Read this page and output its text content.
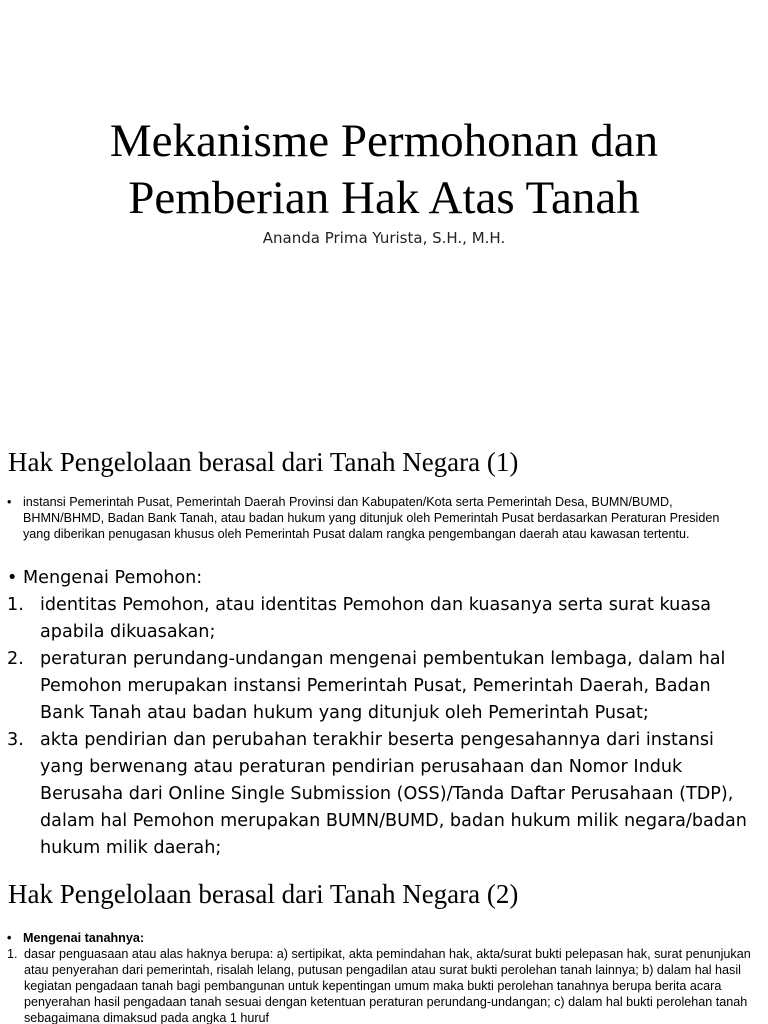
Mekanisme Permohonan dan
Pemberian Hak Atas Tanah
Ananda Prima Yurista, S.H., M.H.
Hak Pengelolaan berasal dari Tanah Negara (1)
• instansi Pemerintah Pusat, Pemerintah Daerah Provinsi dan Kabupaten/Kota serta Pemerintah Desa, BUMN/BUMD, BHMN/BHMD, Badan Bank Tanah, atau badan hukum yang ditunjuk oleh Pemerintah Pusat berdasarkan Peraturan Presiden yang diberikan penugasan khusus oleh Pemerintah Pusat dalam rangka pengembangan daerah atau kawasan tertentu.
• Mengenai Pemohon:
1. identitas Pemohon, atau identitas Pemohon dan kuasanya serta surat kuasa apabila dikuasakan;
2. peraturan perundang-undangan mengenai pembentukan lembaga, dalam hal Pemohon merupakan instansi Pemerintah Pusat, Pemerintah Daerah, Badan Bank Tanah atau badan hukum yang ditunjuk oleh Pemerintah Pusat;
3. akta pendirian dan perubahan terakhir beserta pengesahannya dari instansi yang berwenang atau peraturan pendirian perusahaan dan Nomor Induk Berusaha dari Online Single Submission (OSS)/Tanda Daftar Perusahaan (TDP), dalam hal Pemohon merupakan BUMN/BUMD, badan hukum milik negara/badan hukum milik daerah;
Hak Pengelolaan berasal dari Tanah Negara (2)
• Mengenai tanahnya:
1. dasar penguasaan atau alas haknya berupa: a) sertipikat, akta pemindahan hak, akta/surat bukti pelepasan hak, surat penunjukan atau penyerahan dari pemerintah, risalah lelang, putusan pengadilan atau surat bukti perolehan tanah lainnya; b) dalam hal hasil kegiatan pengadaan tanah bagi pembangunan untuk kepentingan umum maka bukti perolehan tanahnya berupa berita acara penyerahan hasil pengadaan tanah sesuai dengan ketentuan peraturan perundang-undangan; c) dalam hal bukti perolehan tanah sebagaimana dimaksud pada angka 1 huruf
